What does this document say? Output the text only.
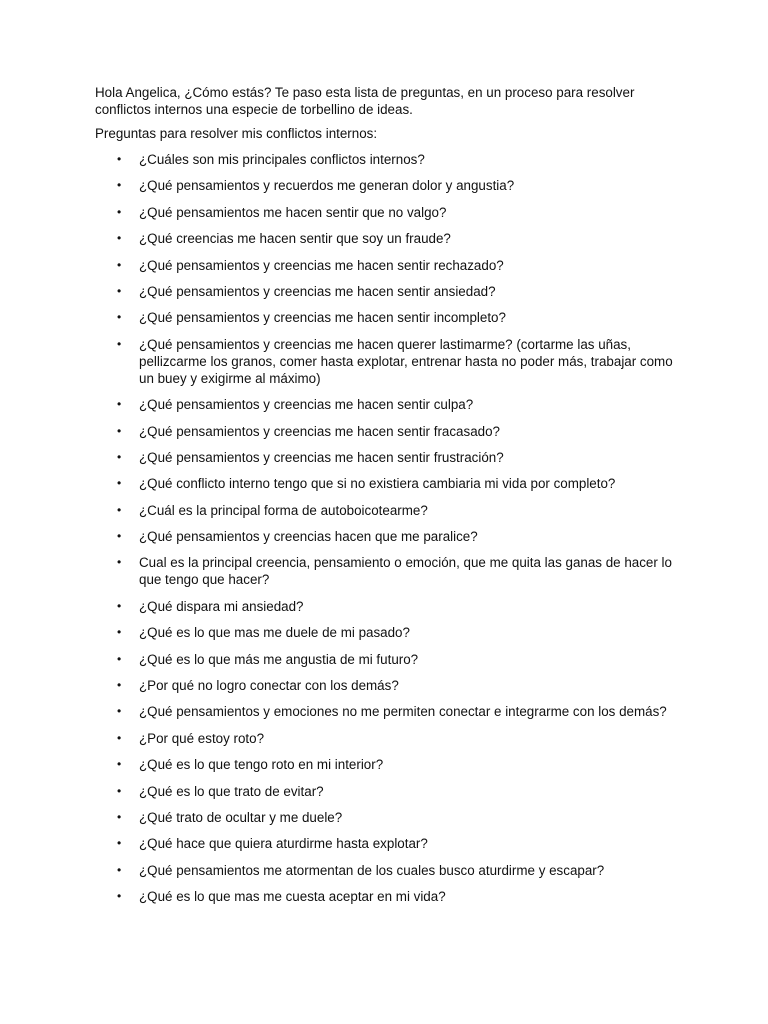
Hola Angelica, ¿Cómo estás? Te paso esta lista de preguntas, en un proceso para resolver conflictos internos una especie de torbellino de ideas.

Preguntas para resolver mis conflictos internos:

• ¿Cuáles son mis principales conflictos internos?
• ¿Qué pensamientos y recuerdos me generan dolor y angustia?
• ¿Qué pensamientos me hacen sentir que no valgo?
• ¿Qué creencias me hacen sentir que soy un fraude?
• ¿Qué pensamientos y creencias me hacen sentir rechazado?
• ¿Qué pensamientos y creencias me hacen sentir ansiedad?
• ¿Qué pensamientos y creencias me hacen sentir incompleto?
• ¿Qué pensamientos y creencias me hacen querer lastimarme? (cortarme las uñas, pellizcarme los granos, comer hasta explotar, entrenar hasta no poder más, trabajar como un buey y exigirme al máximo)
• ¿Qué pensamientos y creencias me hacen sentir culpa?
• ¿Qué pensamientos y creencias me hacen sentir fracasado?
• ¿Qué pensamientos y creencias me hacen sentir frustración?
• ¿Qué conflicto interno tengo que si no existiera cambiaria mi vida por completo?
• ¿Cuál es la principal forma de autoboicotearme?
• ¿Qué pensamientos y creencias hacen que me paralice?
• Cual es la principal creencia, pensamiento o emoción, que me quita las ganas de hacer lo que tengo que hacer?
• ¿Qué dispara mi ansiedad?
• ¿Qué es lo que mas me duele de mi pasado?
• ¿Qué es lo que más me angustia de mi futuro?
• ¿Por qué no logro conectar con los demás?
• ¿Qué pensamientos y emociones no me permiten conectar e integrarme con los demás?
• ¿Por qué estoy roto?
• ¿Qué es lo que tengo roto en mi interior?
• ¿Qué es lo que trato de evitar?
• ¿Qué trato de ocultar y me duele?
• ¿Qué hace que quiera aturdirme hasta explotar?
• ¿Qué pensamientos me atormentan de los cuales busco aturdirme y escapar?
• ¿Qué es lo que mas me cuesta aceptar en mi vida?
